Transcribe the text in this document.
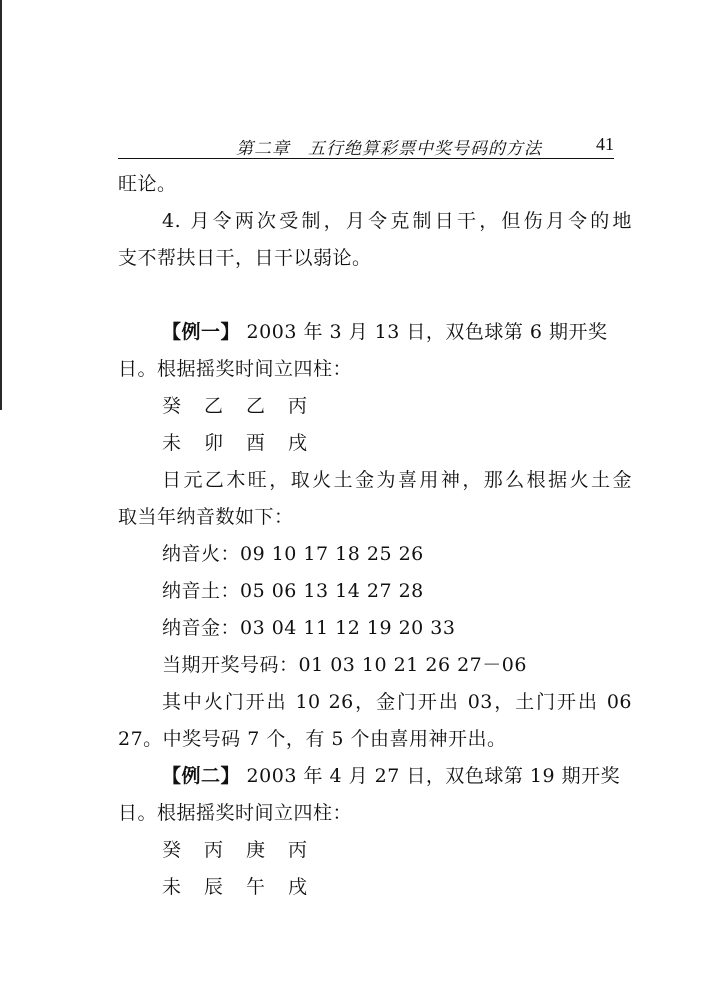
第二章　五行绝算彩票中奖号码的方法	41
旺论。
4. 月令两次受制，月令克制日干，但伤月令的地
支不帮扶日干，日干以弱论。
【例一】 2003 年 3 月 13 日，双色球第 6 期开奖
日。根据摇奖时间立四柱：
癸 乙 乙 丙
未 卯 酉 戌
日元乙木旺，取火土金为喜用神，那么根据火土金
取当年纳音数如下：
纳音火：09 10 17 18 25 26
纳音土：05 06 13 14 27 28
纳音金：03 04 11 12 19 20 33
当期开奖号码：01 03 10 21 26 27－06
其中火门开出 10 26，金门开出 03，土门开出 06
27。中奖号码 7 个，有 5 个由喜用神开出。
【例二】 2003 年 4 月 27 日，双色球第 19 期开奖
日。根据摇奖时间立四柱：
癸 丙 庚 丙
未 辰 午 戌
